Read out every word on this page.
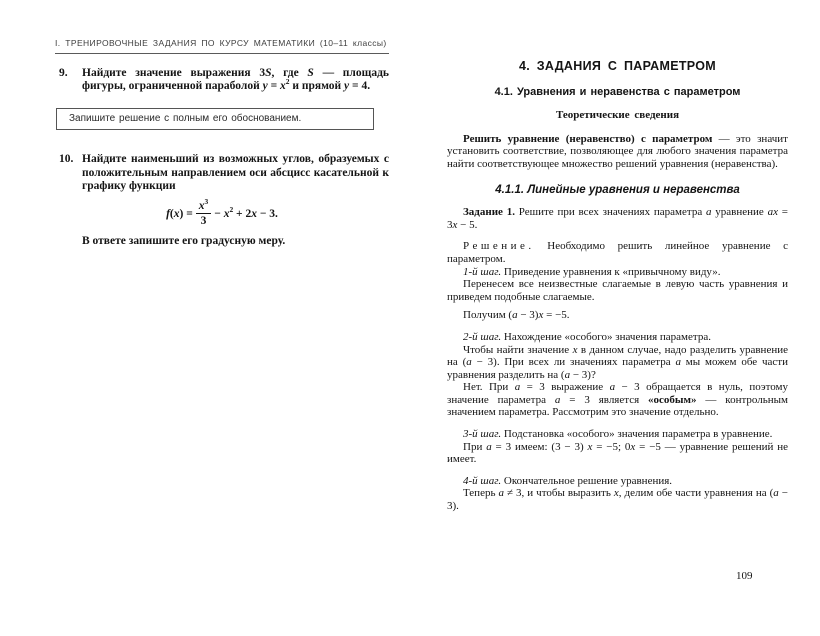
I. ТРЕНИРОВОЧНЫЕ ЗАДАНИЯ ПО КУРСУ МАТЕМАТИКИ (10–11 классы)
9.	Найдите значение выражения 3S, где S — площадь фигуры, ограниченной параболой $y = x^2$ и прямой y = 4.
Запишите решение с полным его обоснованием.
10. Найдите наименьший из возможных углов, образуемых с положительным направлением оси абсцисс касательной к графику функции
$f(x) = \frac{x^3}{3} - x^2 + 2x - 3$.
В ответе запишите его градусную меру.
4. ЗАДАНИЯ С ПАРАМЕТРОМ
4.1. Уравнения и неравенства с параметром
Теоретические сведения

Решить уравнение (неравенство) с параметром — это значит установить соответствие, позволяющее для любого значения параметра найти соответствующее множество решений уравнения (неравенства).

4.1.1. Линейные уравнения и неравенства

Задание 1. Решите при всех значениях параметра a уравнение ax = 3x − 5.

Решение. Необходимо решить линейное уравнение с параметром.

1-й шаг. Приведение уравнения к «привычному виду».

Перенесем все неизвестные слагаемые в левую часть уравнения и приведем подобные слагаемые.

Получим (a − 3)x = −5.

2-й шаг. Нахождение «особого» значения параметра.

Чтобы найти значение x в данном случае, надо разделить уравнение на (a − 3). При всех ли значениях параметра a мы можем обе части уравнения разделить на (a − 3)?

Нет. При a = 3 выражение a − 3 обращается в нуль, поэтому значение параметра a = 3 является «особым» — контрольным значением параметра. Рассмотрим это значение отдельно.

3-й шаг. Подстановка «особого» значения параметра в уравнение.

При a = 3 имеем: (3 − 3) x = −5; 0x = −5 — уравнение решений не имеет.

4-й шаг. Окончательное решение уравнения.

Теперь a ≠ 3, и чтобы выразить x, делим обе части уравнения на (a − 3).

109
